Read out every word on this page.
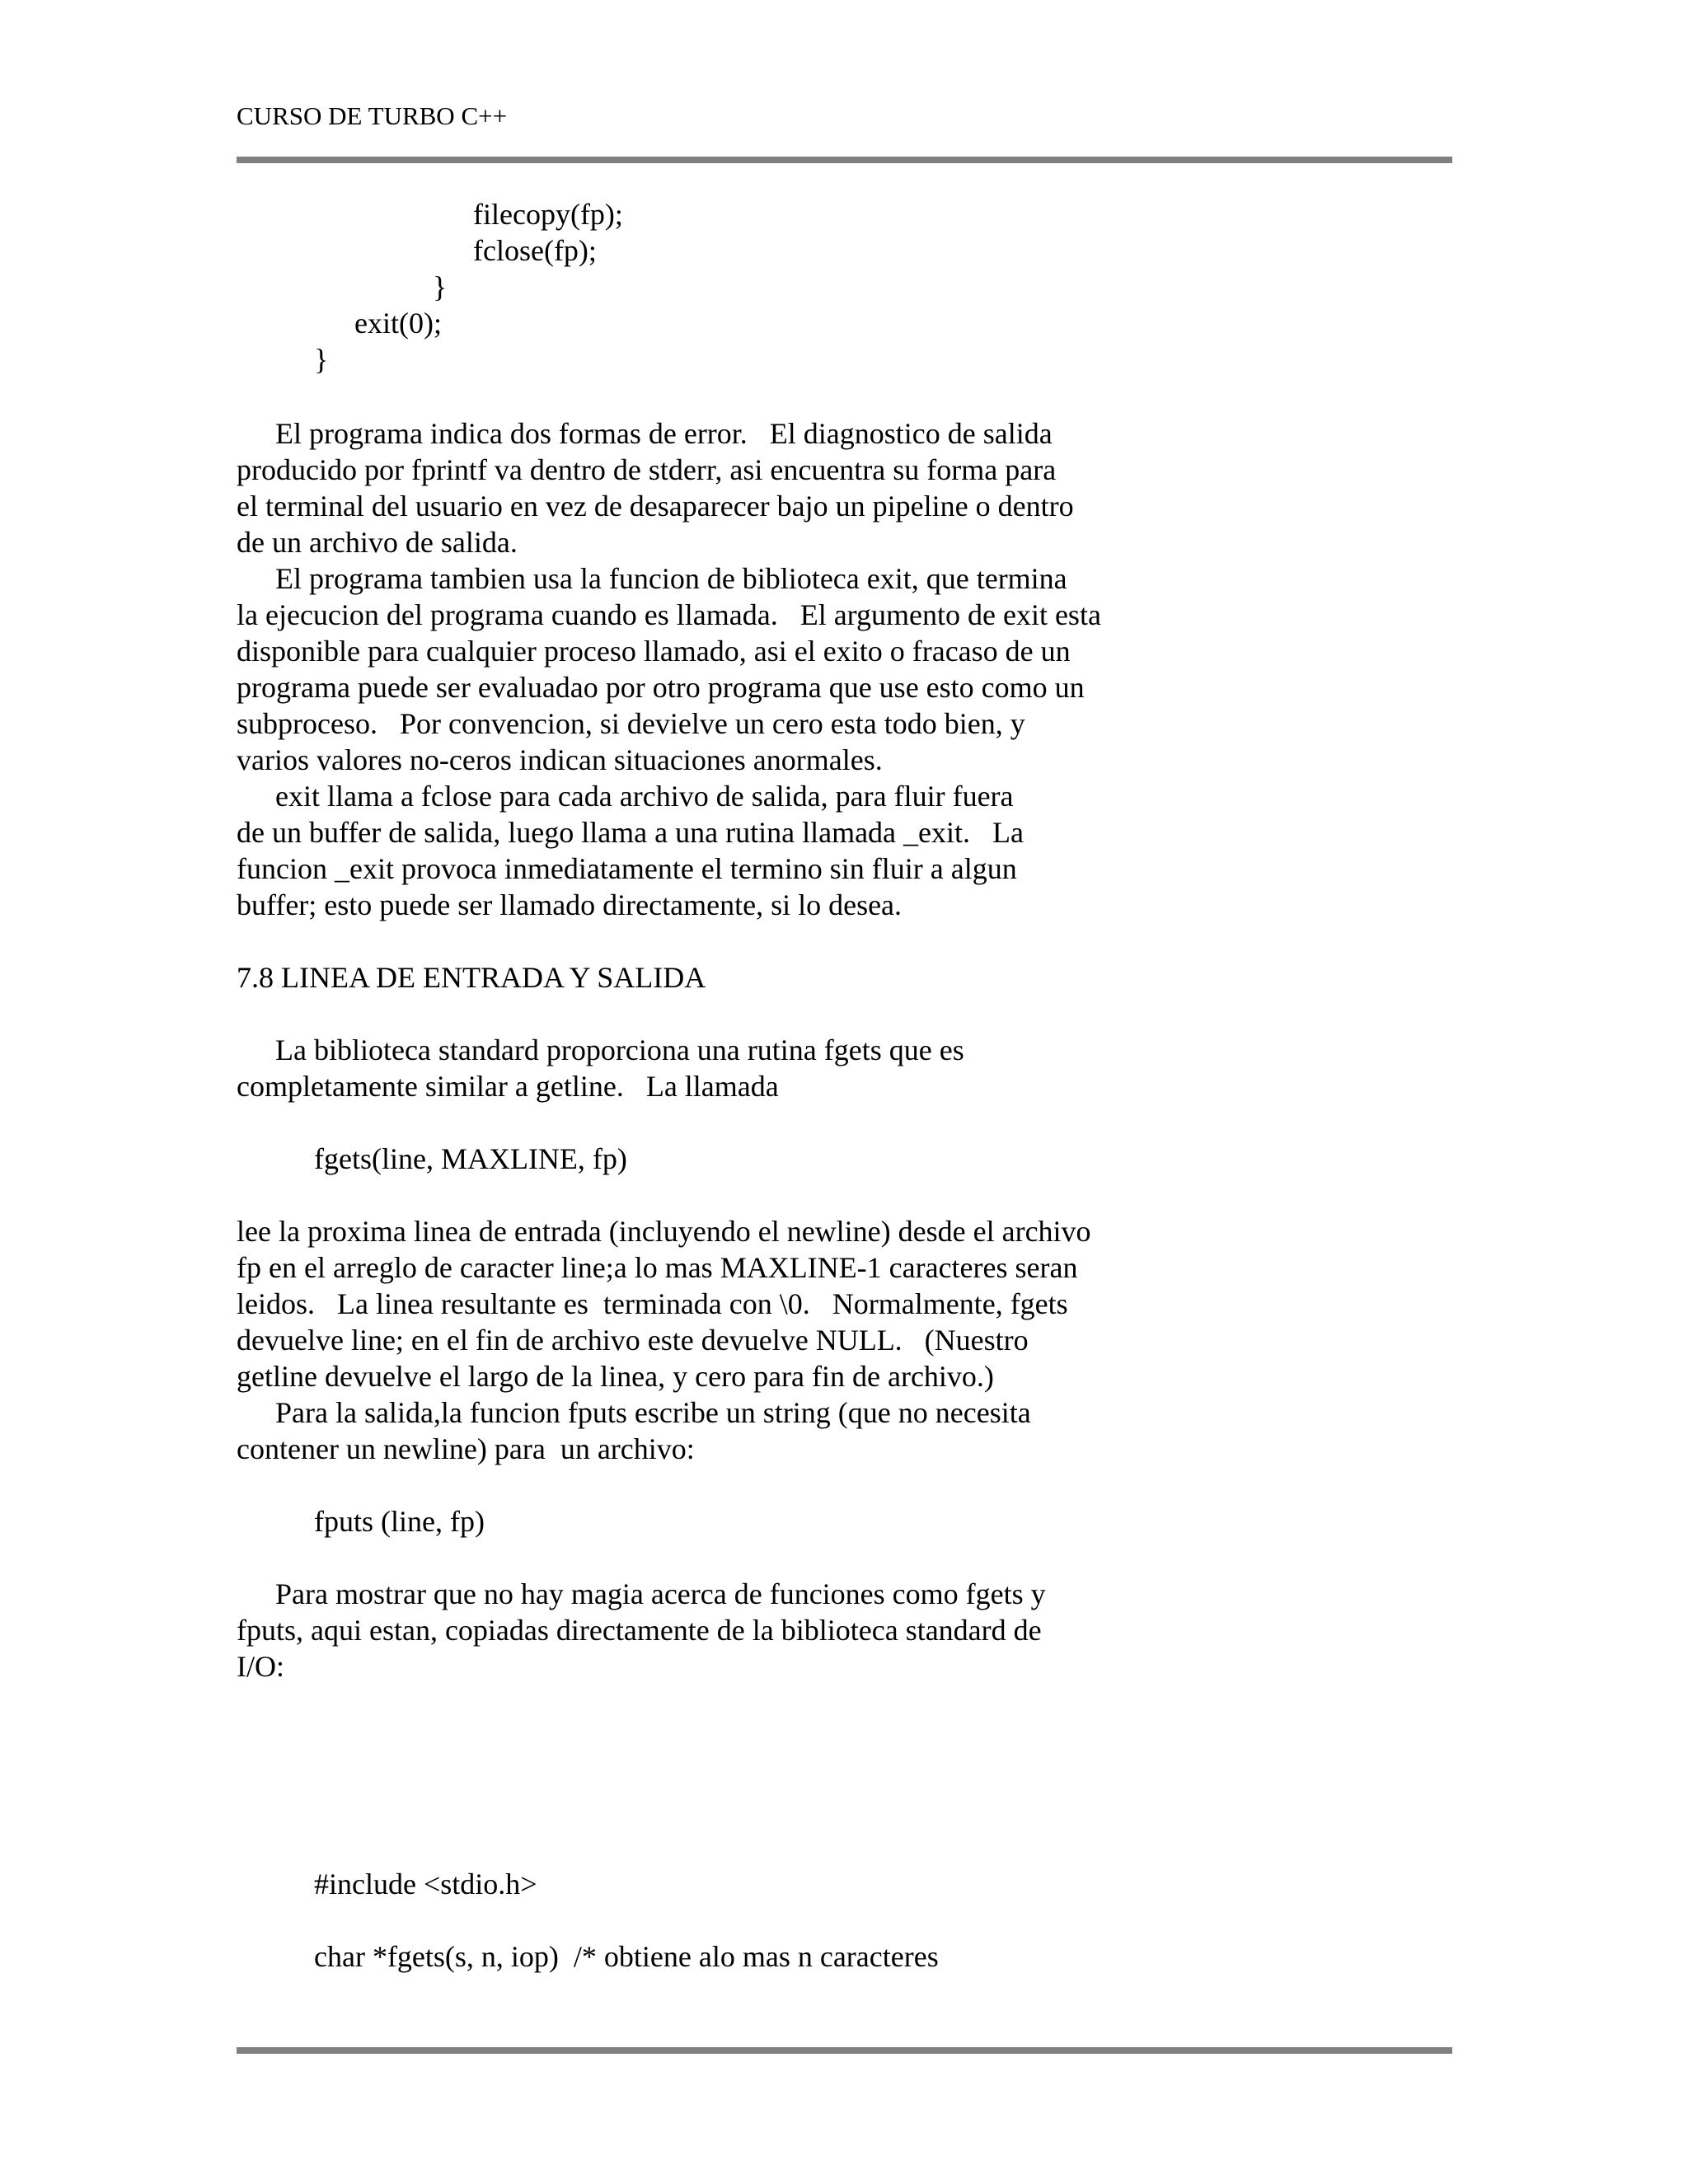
CURSO DE TURBO C++
filecopy(fp);
fclose(fp);
}
exit(0);
}
El programa indica dos formas de error.   El diagnostico de salida
producido por fprintf va dentro de stderr, asi encuentra su forma para
el terminal del usuario en vez de desaparecer bajo un pipeline o dentro
de un archivo de salida.
El programa tambien usa la funcion de biblioteca exit, que termina
la ejecucion del programa cuando es llamada.   El argumento de exit esta
disponible para cualquier proceso llamado, asi el exito o fracaso de un
programa puede ser evaluadao por otro programa que use esto como un
subproceso.   Por convencion, si devielve un cero esta todo bien, y
varios valores no-ceros indican situaciones anormales.
exit llama a fclose para cada archivo de salida, para fluir fuera
de un buffer de salida, luego llama a una rutina llamada _exit.   La
funcion _exit provoca inmediatamente el termino sin fluir a algun
buffer; esto puede ser llamado directamente, si lo desea.
7.8 LINEA DE ENTRADA Y SALIDA
La biblioteca standard proporciona una rutina fgets que es
completamente similar a getline.   La llamada
fgets(line, MAXLINE, fp)
lee la proxima linea de entrada (incluyendo el newline) desde el archivo
fp en el arreglo de caracter line;a lo mas MAXLINE-1 caracteres seran
leidos.   La linea resultante es  terminada con \0.   Normalmente, fgets
devuelve line; en el fin de archivo este devuelve NULL.   (Nuestro
getline devuelve el largo de la linea, y cero para fin de archivo.)
Para la salida,la funcion fputs escribe un string (que no necesita
contener un newline) para  un archivo:
fputs (line, fp)
Para mostrar que no hay magia acerca de funciones como fgets y
fputs, aqui estan, copiadas directamente de la biblioteca standard de
I/O:
#include <stdio.h>
char *fgets(s, n, iop)  /* obtiene alo mas n caracteres
